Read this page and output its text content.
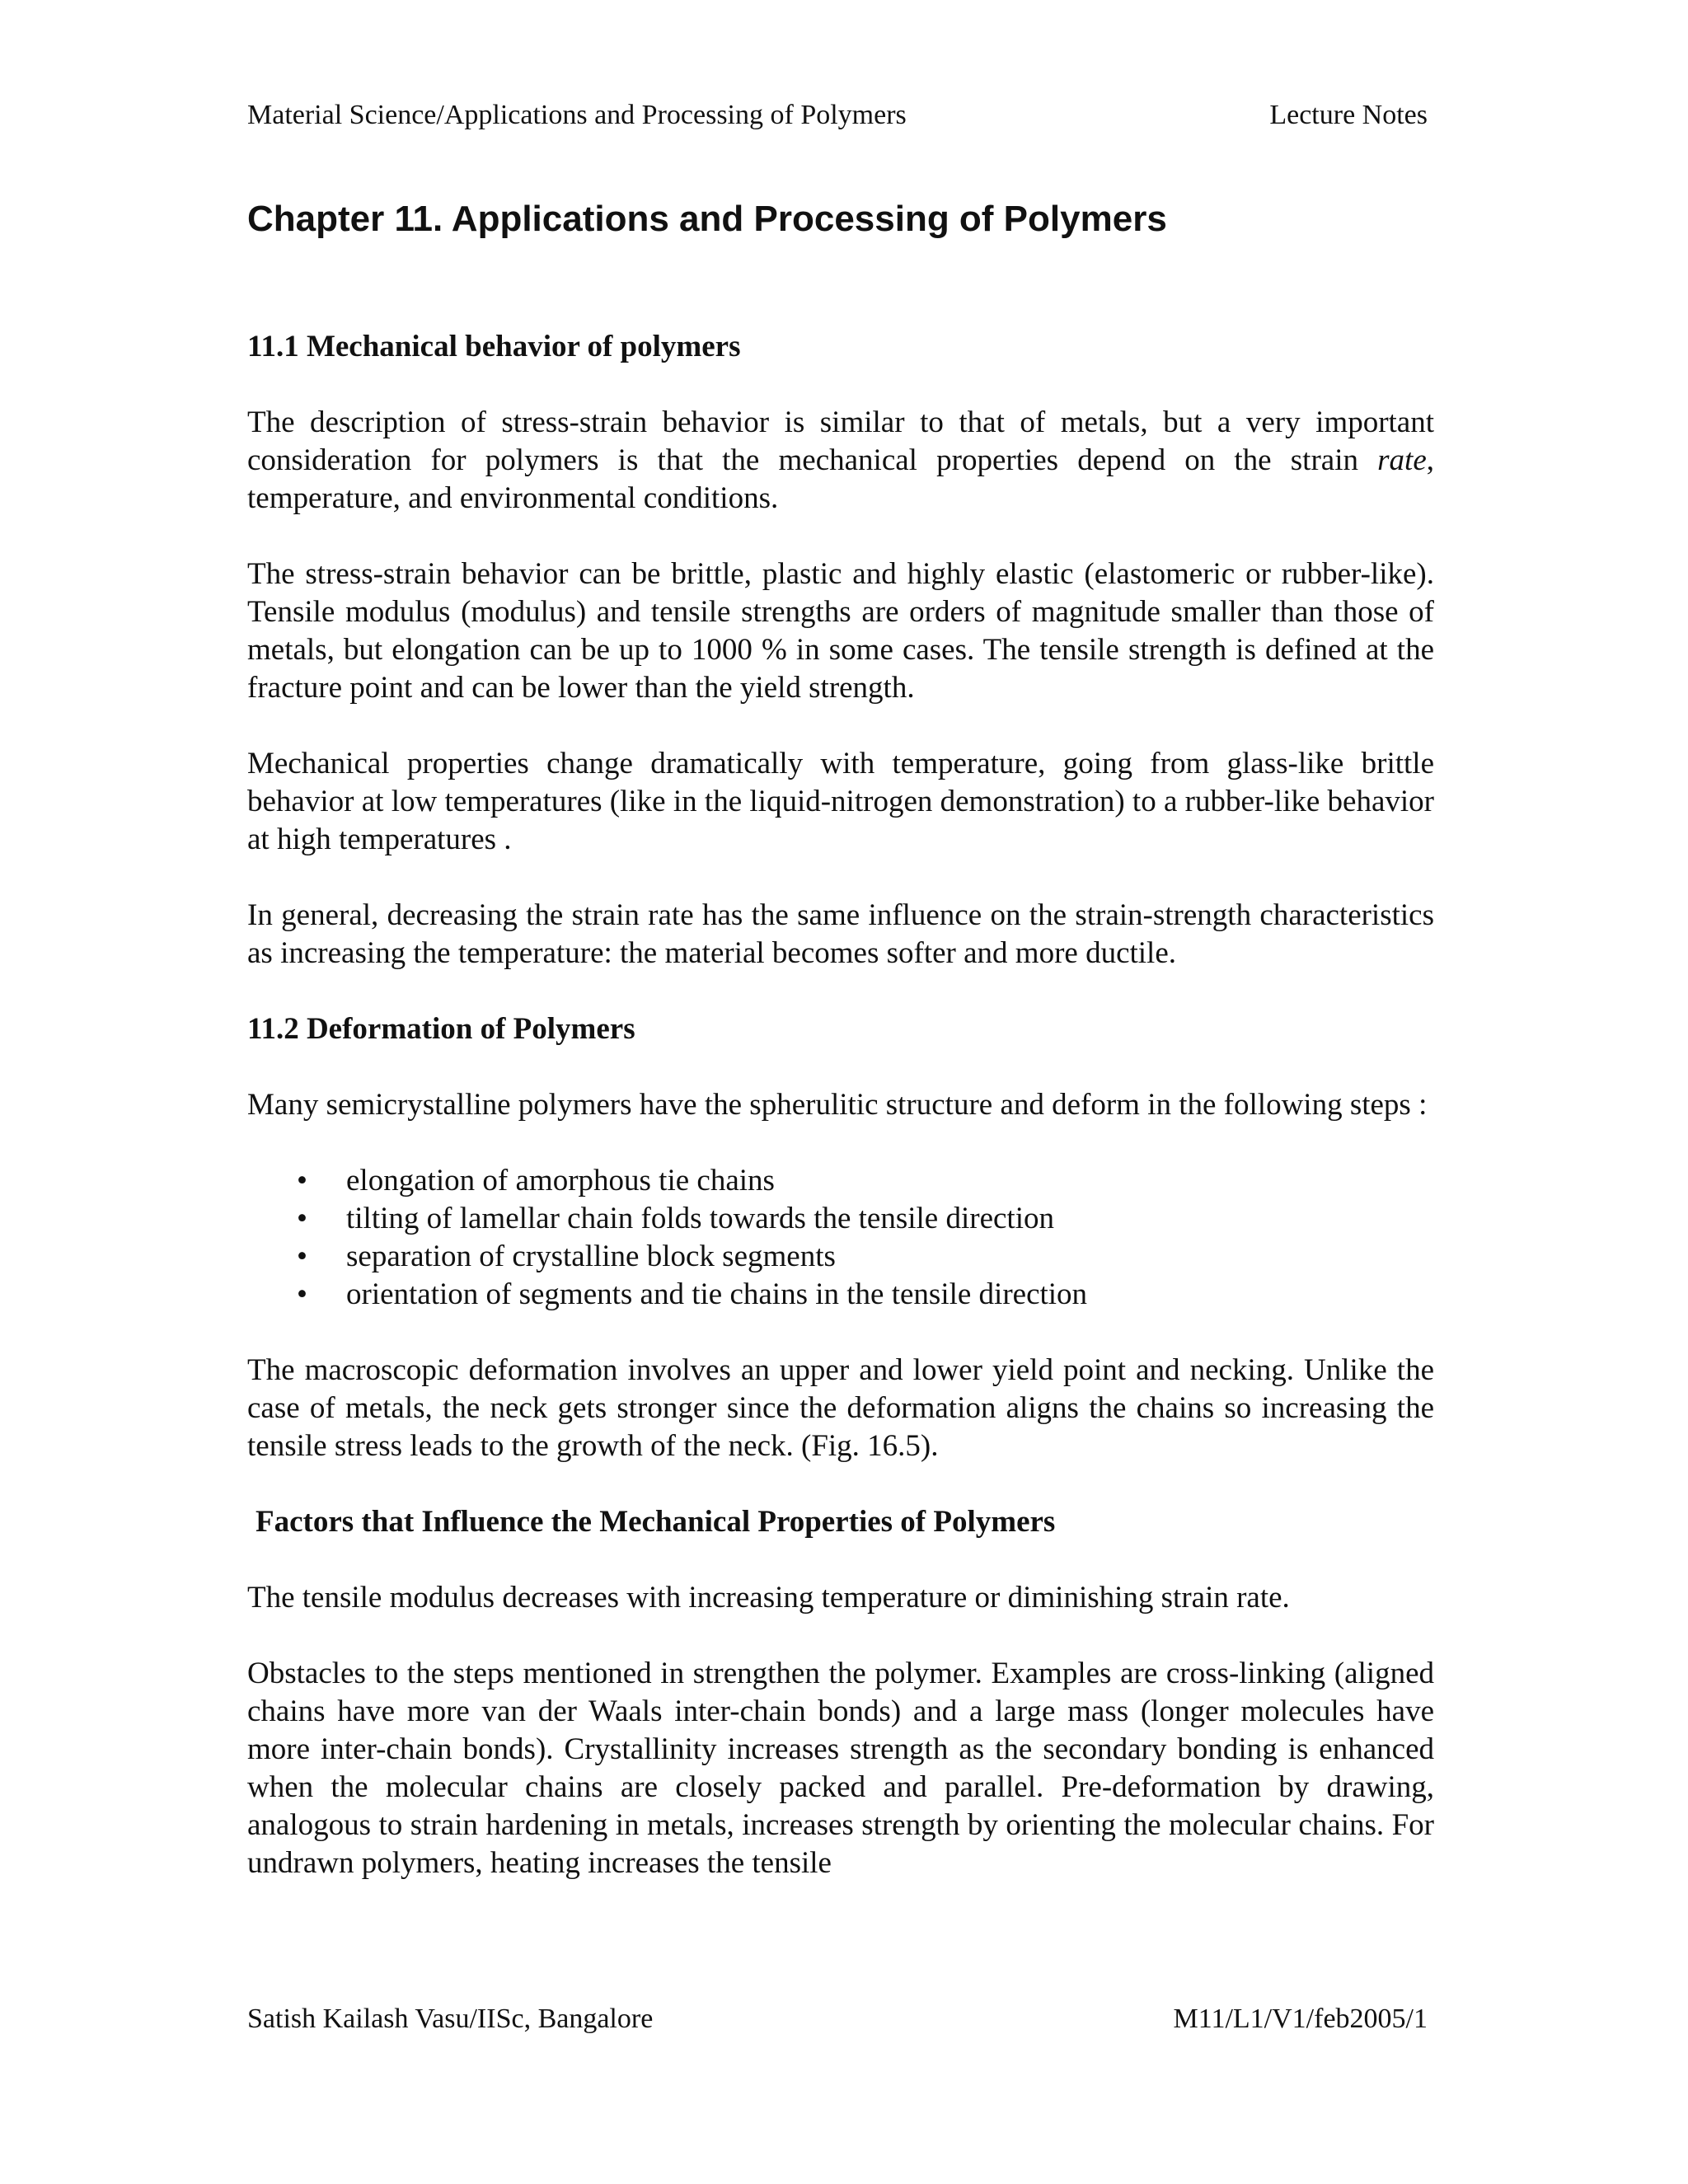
Material Science/Applications and Processing of Polymers	Lecture Notes
Chapter 11. Applications and Processing of Polymers
11.1 Mechanical behavior of polymers

The description of stress-strain behavior is similar to that of metals, but a very important consideration for polymers is that the mechanical properties depend on the strain rate, temperature, and environmental conditions.

The stress-strain behavior can be brittle, plastic and highly elastic (elastomeric or rubber-like). Tensile modulus (modulus) and tensile strengths are orders of magnitude smaller than those of metals, but elongation can be up to 1000 % in some cases. The tensile strength is defined at the fracture point and can be lower than the yield strength.

Mechanical properties change dramatically with temperature, going from glass-like brittle behavior at low temperatures (like in the liquid-nitrogen demonstration) to a rubber-like behavior at high temperatures .

In general, decreasing the strain rate has the same influence on the strain-strength characteristics as increasing the temperature: the material becomes softer and more ductile.

11.2 Deformation of Polymers

Many semicrystalline polymers have the spherulitic structure and deform in the following steps :

• elongation of amorphous tie chains
• tilting of lamellar chain folds towards the tensile direction
• separation of crystalline block segments
• orientation of segments and tie chains in the tensile direction

The macroscopic deformation involves an upper and lower yield point and necking. Unlike the case of metals, the neck gets stronger since the deformation aligns the chains so increasing the tensile stress leads to the growth of the neck. (Fig. 16.5).

Factors that Influence the Mechanical Properties of Polymers

The tensile modulus decreases with increasing temperature or diminishing strain rate.

Obstacles to the steps mentioned in strengthen the polymer. Examples are cross-linking (aligned chains have more van der Waals inter-chain bonds) and a large mass (longer molecules have more inter-chain bonds). Crystallinity increases strength as the secondary bonding is enhanced when the molecular chains are closely packed and parallel. Pre-deformation by drawing, analogous to strain hardening in metals, increases strength by orienting the molecular chains. For undrawn polymers, heating increases the tensile

Satish Kailash Vasu/IISc, Bangalore	M11/L1/V1/feb2005/1
